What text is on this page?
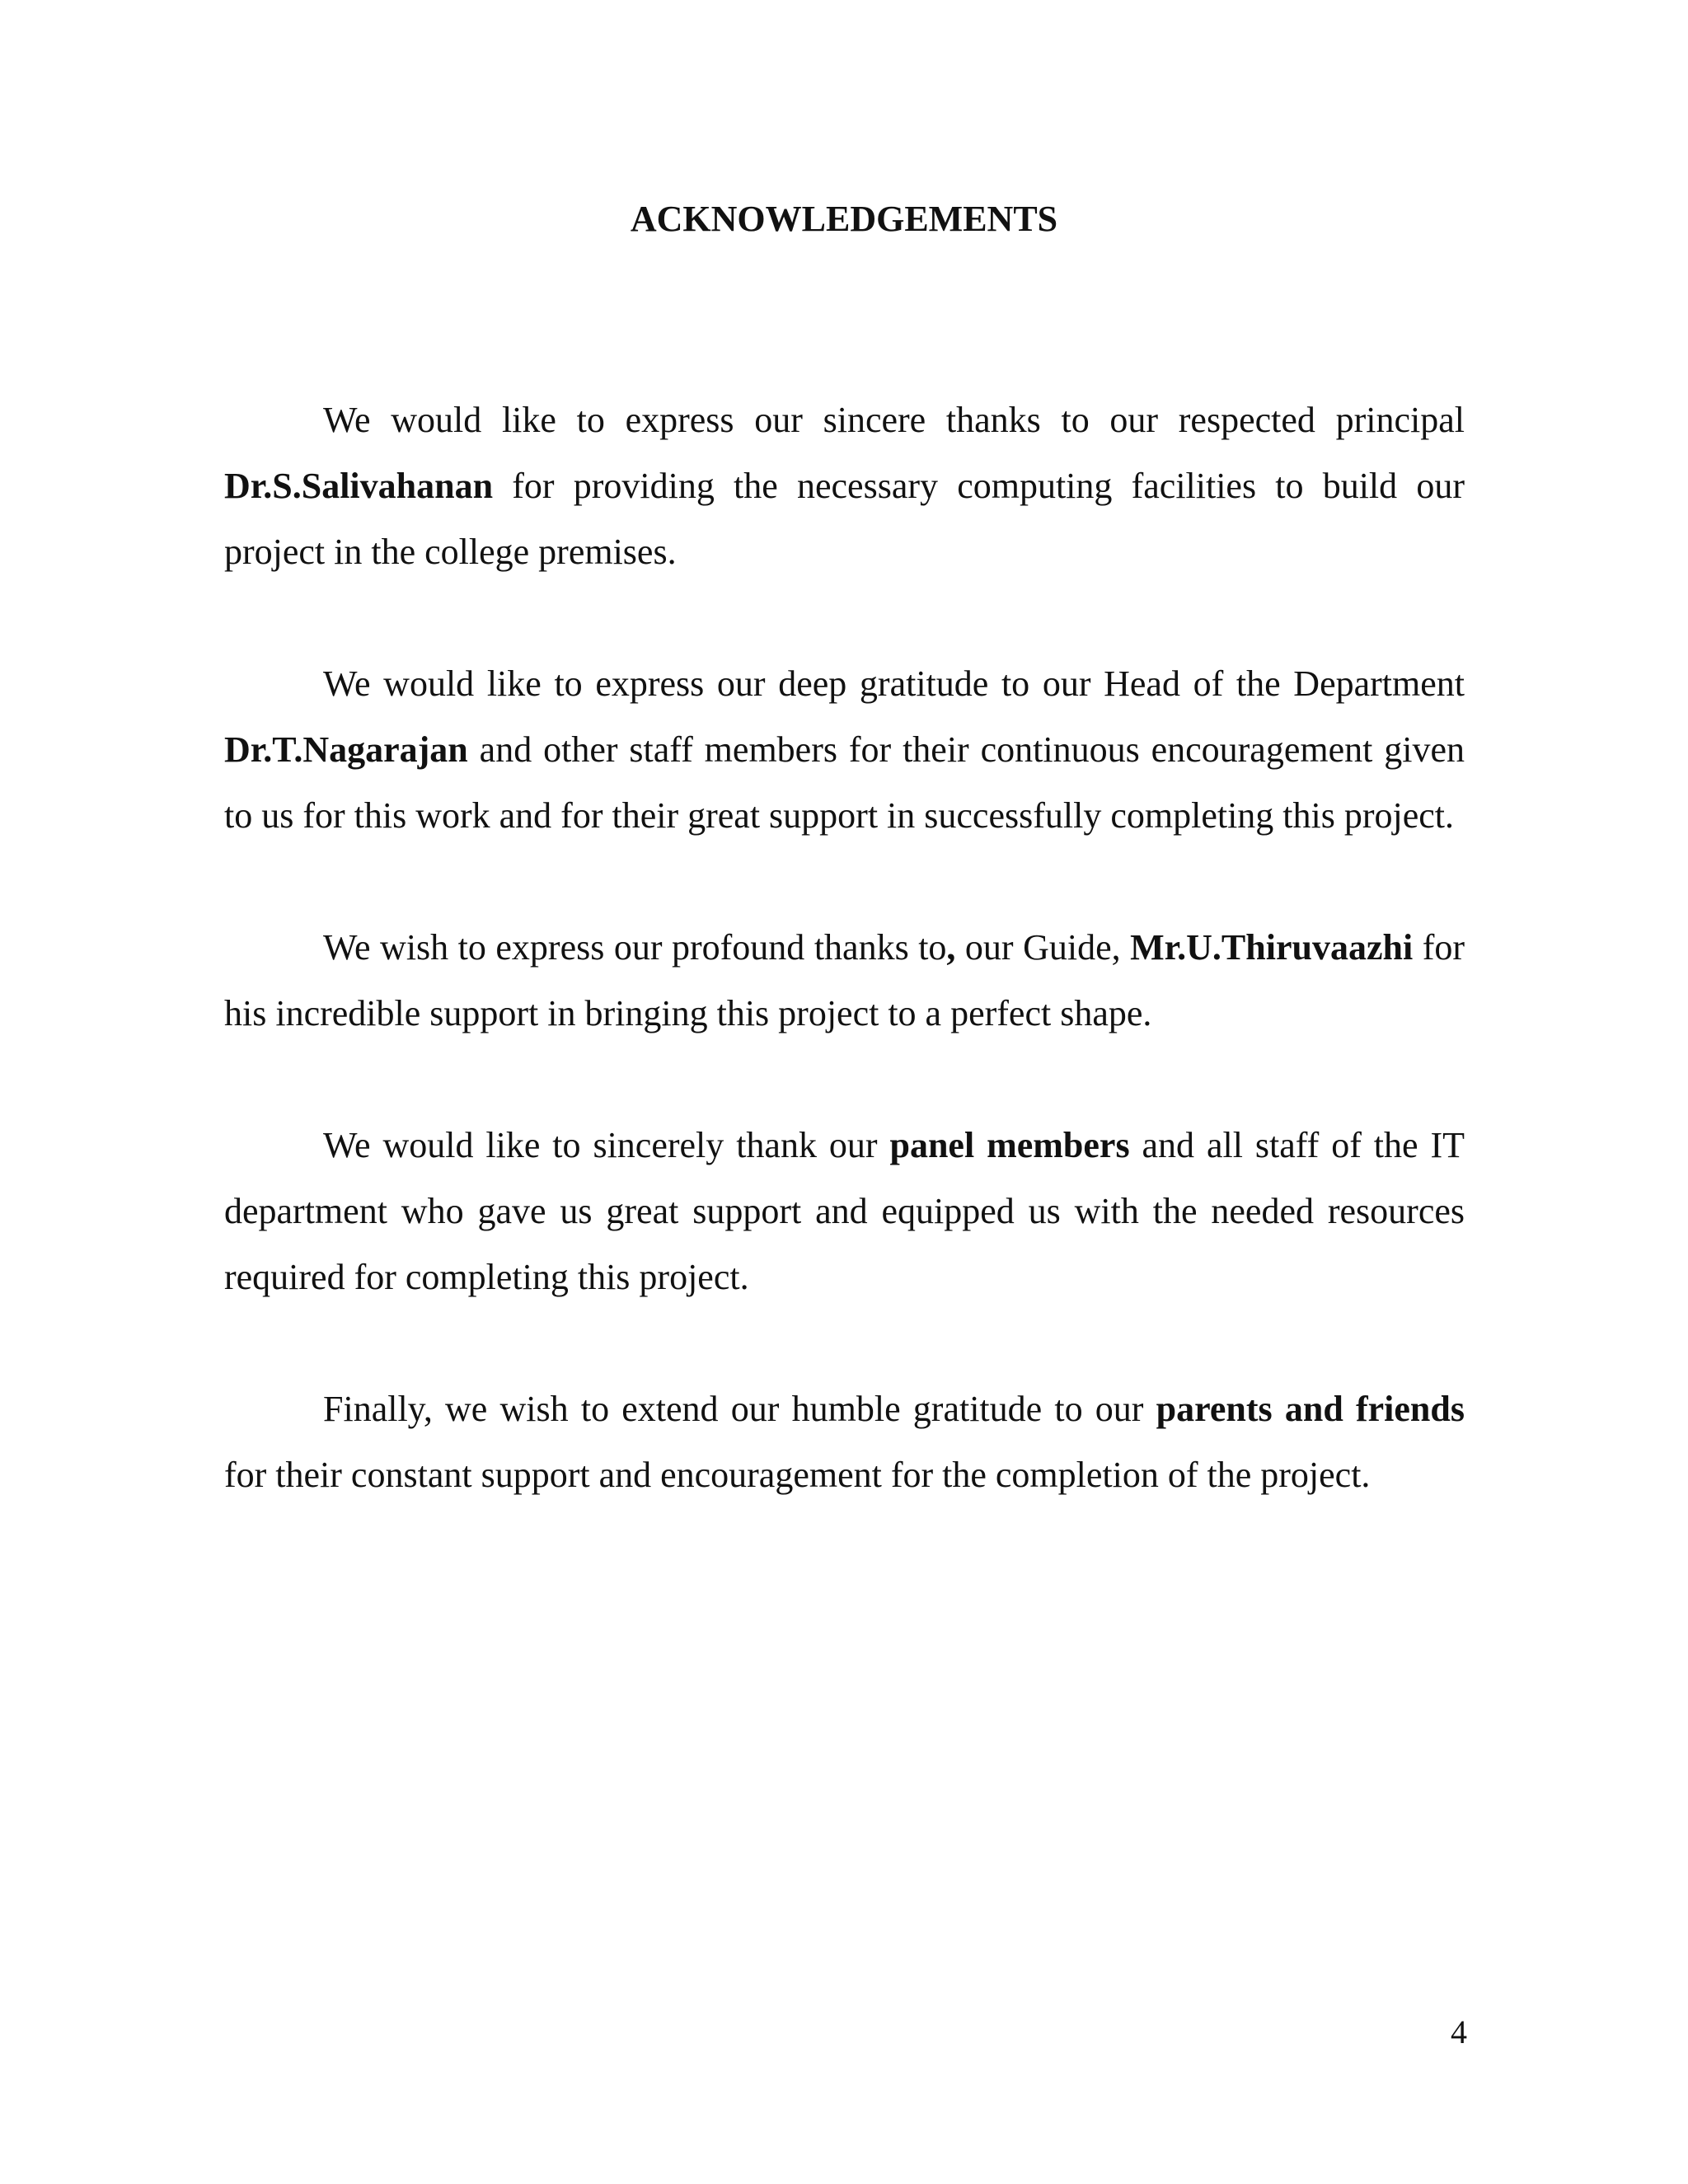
ACKNOWLEDGEMENTS

We would like to express our sincere thanks to our respected principal Dr.S.Salivahanan for providing the necessary computing facilities to build our project in the college premises.

We would like to express our deep gratitude to our Head of the Department Dr.T.Nagarajan and other staff members for their continuous encouragement given to us for this work and for their great support in successfully completing this project.

We wish to express our profound thanks to, our Guide, Mr.U.Thiruvaazhi for his incredible support in bringing this project to a perfect shape.

We would like to sincerely thank our panel members and all staff of the IT department who gave us great support and equipped us with the needed resources required for completing this project.

Finally, we wish to extend our humble gratitude to our parents and friends for their constant support and encouragement for the completion of the project.

4
